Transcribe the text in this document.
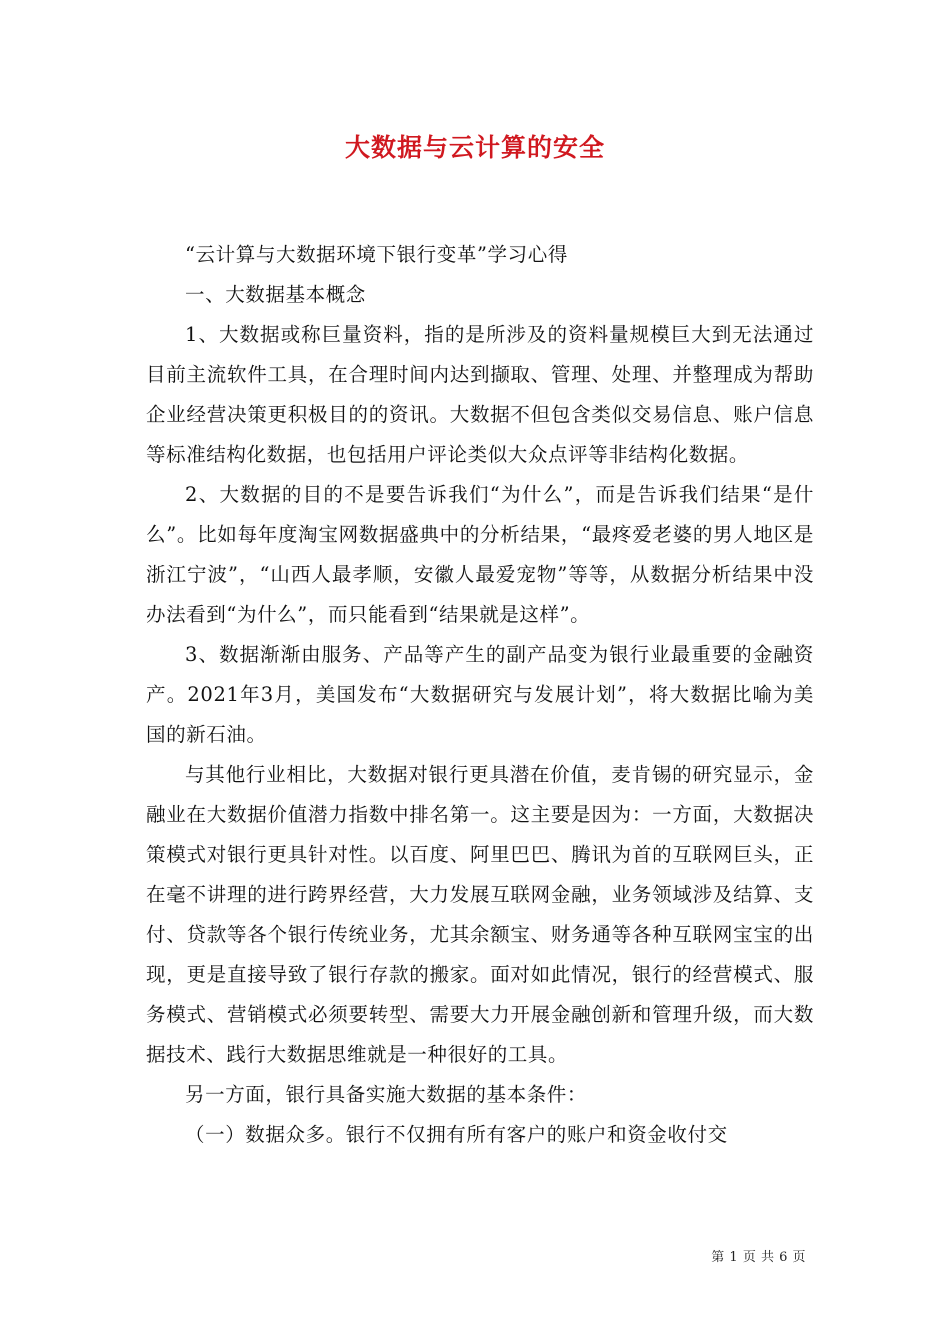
大数据与云计算的安全

“云计算与大数据环境下银行变革”学习心得

一、大数据基本概念

1、大数据或称巨量资料，指的是所涉及的资料量规模巨大到无法通过目前主流软件工具，在合理时间内达到撷取、管理、处理、并整理成为帮助企业经营决策更积极目的的资讯。大数据不但包含类似交易信息、账户信息等标准结构化数据，也包括用户评论类似大众点评等非结构化数据。

2、大数据的目的不是要告诉我们“为什么”，而是告诉我们结果“是什么”。比如每年度淘宝网数据盛典中的分析结果，“最疼爱老婆的男人地区是浙江宁波”，“山西人最孝顺，安徽人最爱宠物”等等，从数据分析结果中没办法看到“为什么”，而只能看到“结果就是这样”。

3、数据渐渐由服务、产品等产生的副产品变为银行业最重要的金融资产。2021年3月，美国发布“大数据研究与发展计划”，将大数据比喻为美国的新石油。

与其他行业相比，大数据对银行更具潜在价值，麦肯锡的研究显示，金融业在大数据价值潜力指数中排名第一。这主要是因为：一方面，大数据决策模式对银行更具针对性。以百度、阿里巴巴、腾讯为首的互联网巨头，正在毫不讲理的进行跨界经营，大力发展互联网金融，业务领域涉及结算、支付、贷款等各个银行传统业务，尤其余额宝、财务通等各种互联网宝宝的出现，更是直接导致了银行存款的搬家。面对如此情况，银行的经营模式、服务模式、营销模式必须要转型、需要大力开展金融创新和管理升级，而大数据技术、践行大数据思维就是一种很好的工具。

另一方面，银行具备实施大数据的基本条件：

（一）数据众多。银行不仅拥有所有客户的账户和资金收付交

第 1 页 共 6 页
